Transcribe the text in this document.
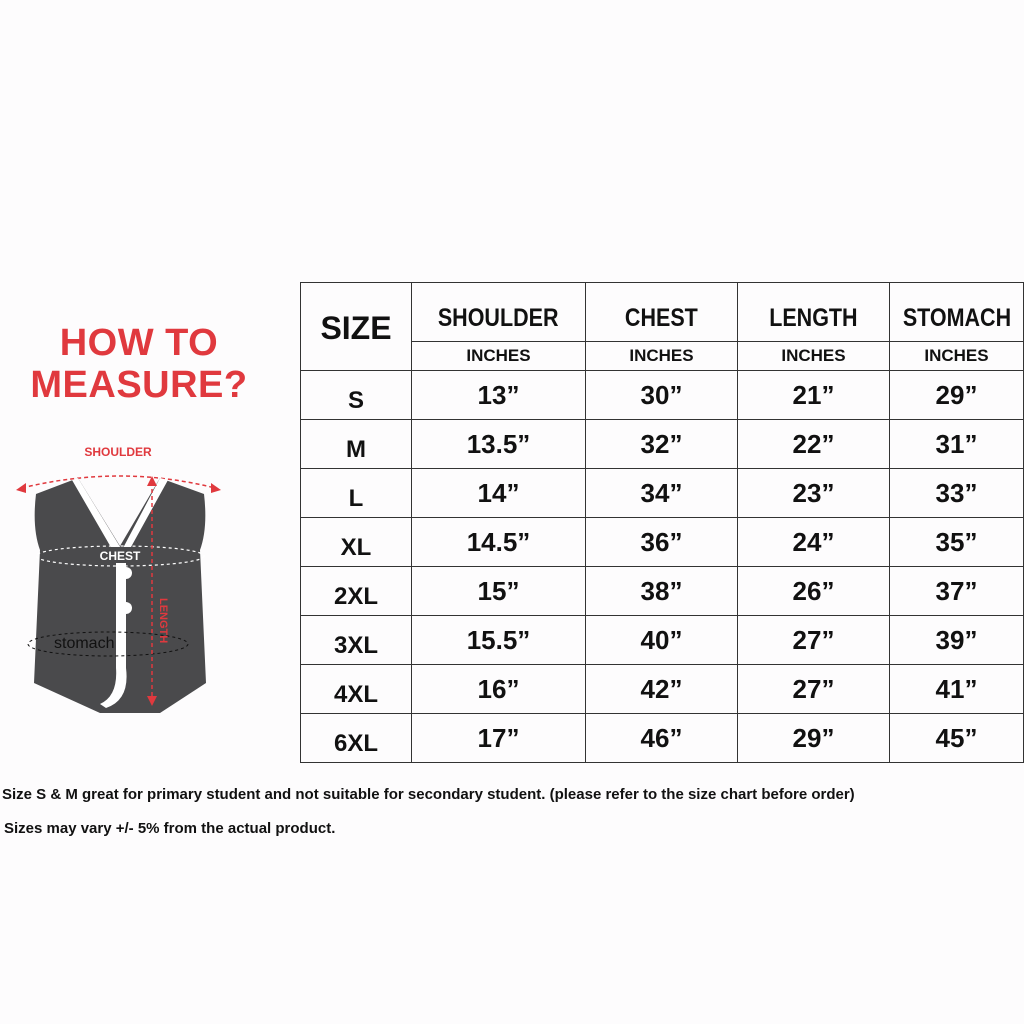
HOW TO
MEASURE?
SHOULDER
CHEST
stomach
LENGTH
SIZE	SHOULDER	CHEST	LENGTH	STOMACH
	INCHES	INCHES	INCHES	INCHES
S	13”	30”	21”	29”
M	13.5”	32”	22”	31”
L	14”	34”	23”	33”
XL	14.5”	36”	24”	35”
2XL	15”	38”	26”	37”
3XL	15.5”	40”	27”	39”
4XL	16”	42”	27”	41”
6XL	17”	46”	29”	45”
Size S & M great for primary student and not suitable for secondary student. (please refer to the size chart before order)
Sizes may vary +/- 5% from the actual product.
